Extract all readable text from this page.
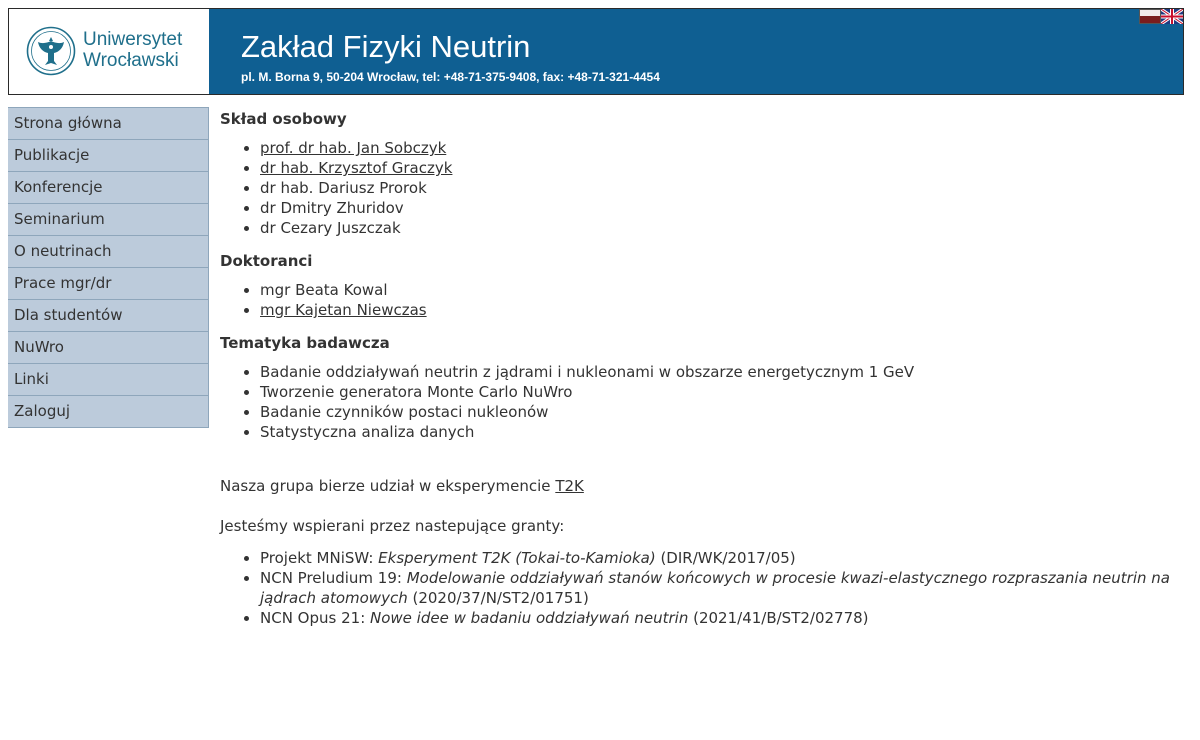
Uniwersytet
Wrocławski Zakład Fizyki Neutrin
pl. M. Borna 9, 50-204 Wrocław, tel: +48-71-375-9408, fax: +48-71-321-4454
Strona główna
Publikacje
Konferencje
Seminarium
O neutrinach
Prace mgr/dr
Dla studentów
NuWro
Linki
Zaloguj
Skład osobowy
• prof. dr hab. Jan Sobczyk
• dr hab. Krzysztof Graczyk
• dr hab. Dariusz Prorok
• dr Dmitry Zhuridov
• dr Cezary Juszczak
Doktoranci
• mgr Beata Kowal
• mgr Kajetan Niewczas
Tematyka badawcza
• Badanie oddziaływań neutrin z jądrami i nukleonami w obszarze energetycznym 1 GeV
• Tworzenie generatora Monte Carlo NuWro
• Badanie czynników postaci nukleonów
• Statystyczna analiza danych

Nasza grupa bierze udział w eksperymencie T2K

Jesteśmy wspierani przez nastepujące granty:

• Projekt MNiSW: Eksperyment T2K (Tokai-to-Kamioka) (DIR/WK/2017/05)
• NCN Preludium 19: Modelowanie oddziaływań stanów końcowych w procesie kwazi-elastycznego rozpraszania neutrin na jądrach atomowych (2020/37/N/ST2/01751)
• NCN Opus 21: Nowe idee w badaniu oddziaływań neutrin (2021/41/B/ST2/02778)
